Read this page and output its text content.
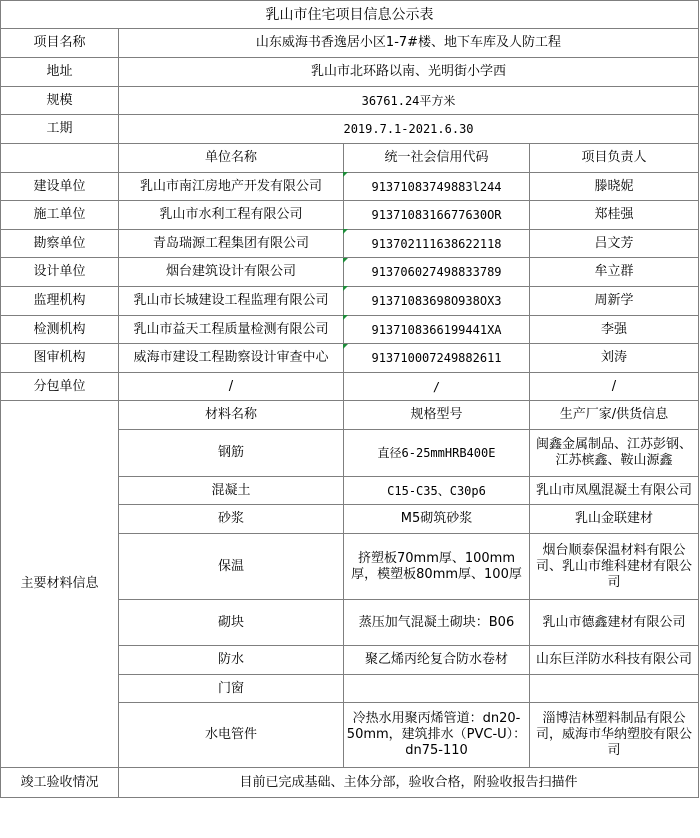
乳山市住宅项目信息公示表			
项目名称	山东威海书香逸居小区1-7#楼、地下车库及人防工程		
地址	乳山市北环路以南、光明街小学西		
规模	36761.24平方米		
工期	2019.7.1-2021.6.30		
	单位名称	统一社会信用代码	项目负责人
建设单位	乳山市南江房地产开发有限公司	91371083749883l244	滕晓妮
施工单位	乳山市水利工程有限公司	9137108316677630OR	郑桂强
勘察单位	青岛瑞源工程集团有限公司	913702111638622118	吕文芳
设计单位	烟台建筑设计有限公司	913706027498833789	牟立群
监理机构	乳山市长城建设工程监理有限公司	91371083698O938OX3	周新学
检测机构	乳山市益天工程质量检测有限公司	9137108366199441XA	李强
图审机构	威海市建设工程勘察设计审查中心	913710007249882611	刘涛
分包单位	/	/	/
主要材料信息	材料名称	规格型号	生产厂家/供货信息
	钢筋	直径6-25mmHRB400E	闽鑫金属制品、江苏彭钢、江苏槟鑫、鞍山源鑫
	混凝土	C15-C35、C30p6	乳山市凤凰混凝土有限公司
	砂浆	M5砌筑砂浆	乳山金联建材
	保温	挤塑板70mm厚、100mm厚，模塑板80mm厚、100厚	烟台顺泰保温材料有限公司、乳山市维科建材有限公司
	砌块	蒸压加气混凝土砌块：B06	乳山市德鑫建材有限公司
	防水	聚乙烯丙纶复合防水卷材	山东巨洋防水科技有限公司
	门窗		
	水电管件	冷热水用聚丙烯管道：dn20-50mm，建筑排水（PVC-U）：dn75-110	淄博洁林塑料制品有限公司，威海市华纳塑胶有限公司
竣工验收情况	目前已完成基础、主体分部，验收合格，附验收报告扫描件		
